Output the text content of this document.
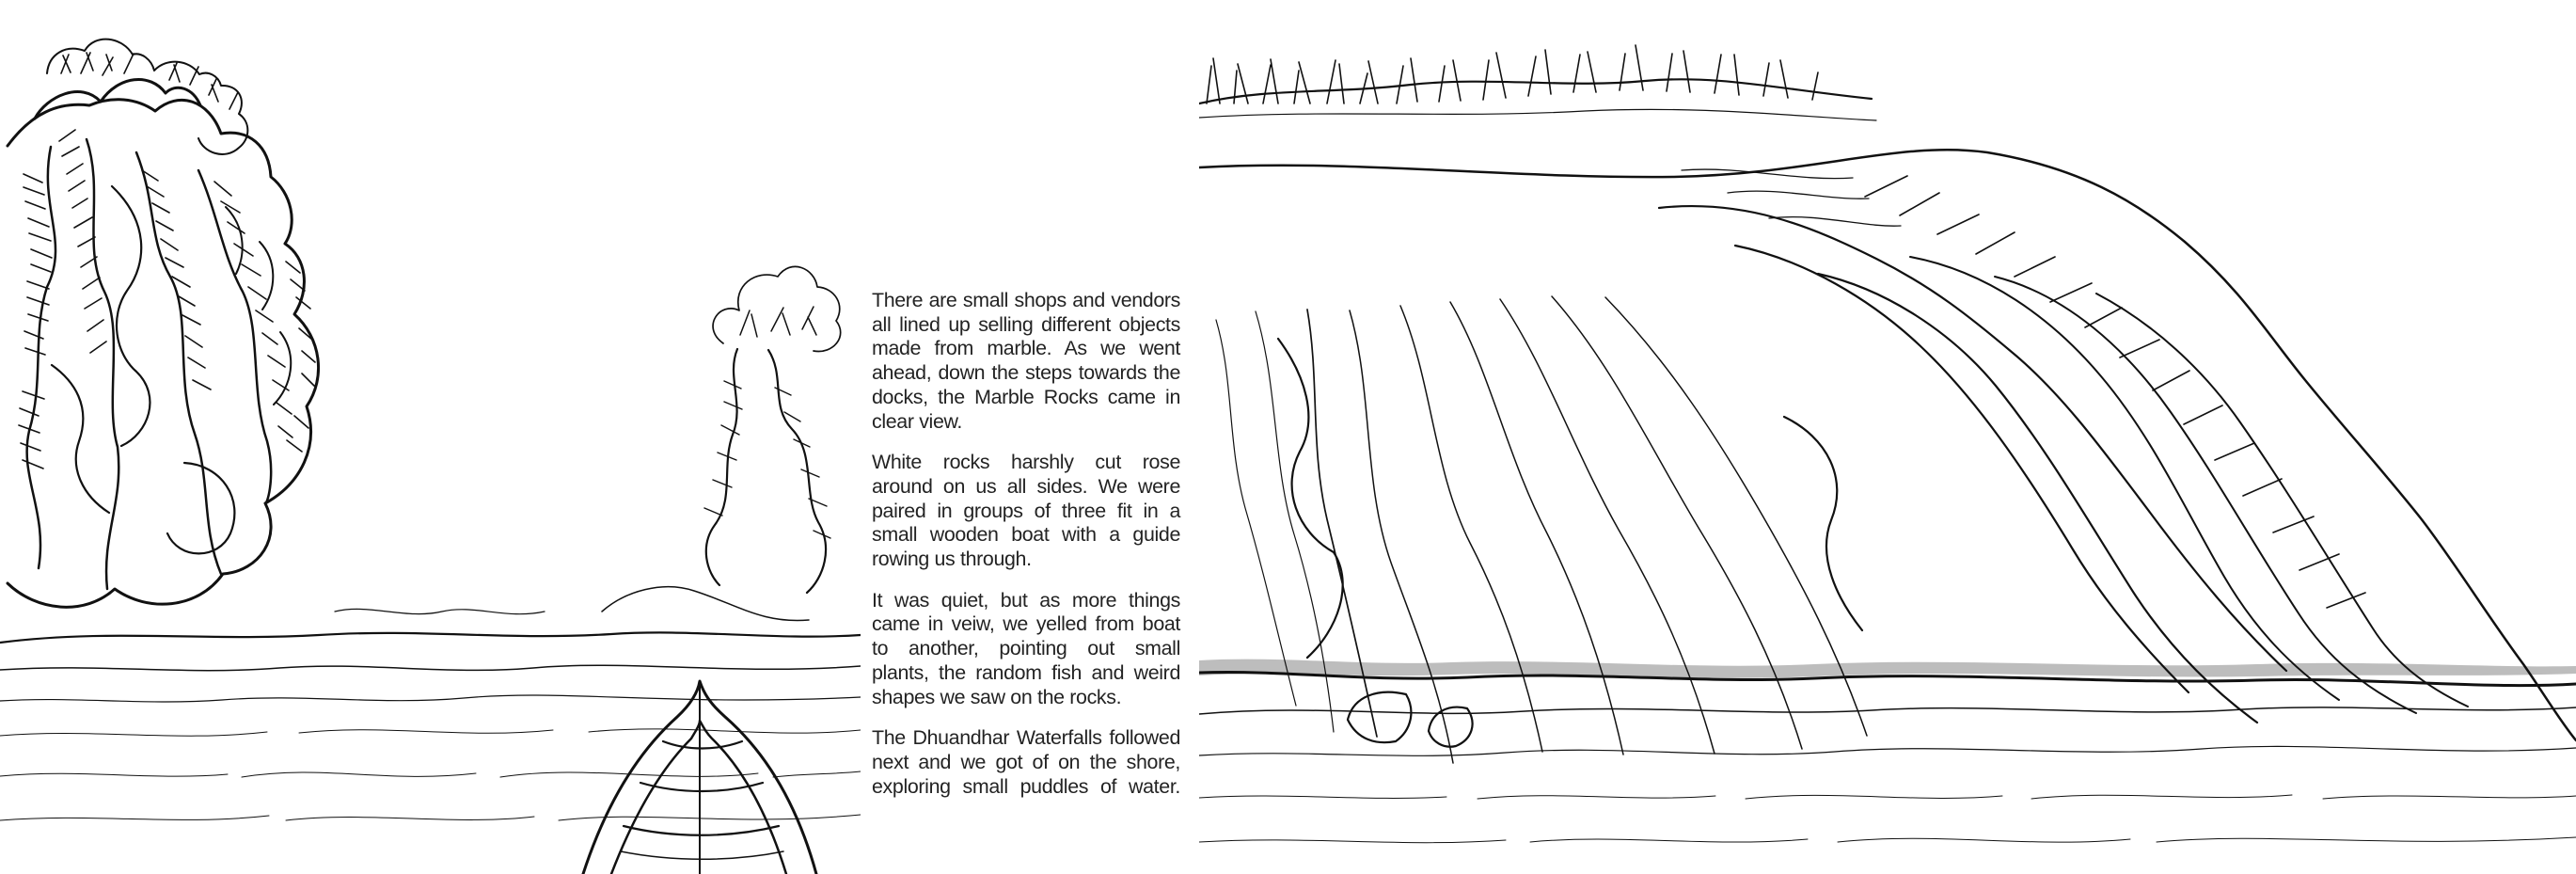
There are small shops and vendors all lined up selling different objects made from marble. As we went ahead, down the steps towards the docks, the Marble Rocks came in clear view.

White rocks harshly cut rose around on us all sides. We were paired in groups of three fit in a small wooden boat with a guide rowing us through.

It was quiet, but as more things came in veiw, we yelled from boat to another, pointing out small plants, the random fish and weird shapes we saw on the rocks.

The Dhuandhar Waterfalls followed next and we got of on the shore, exploring small puddles of water.
